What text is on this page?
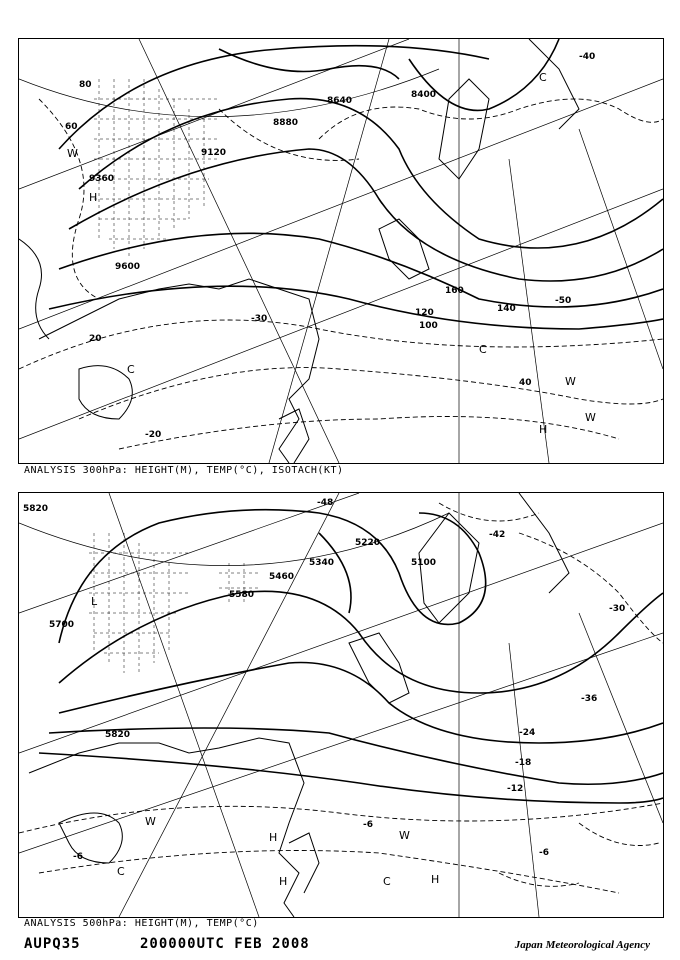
8400
8640
8880
9120
9360
9600
20
40
60
80
100
120	140
160
-20
-40
-50
-30
W
H
C
C
W
H
C
W
ANALYSIS 300hPa: HEIGHT(M), TEMP(°C), ISOTACH(KT)
5820
5700
5460
5340
5220
5100
5580
5820
-48
-42
-36
-30
-24
-18
-12
-6
-6	-6
L
H
W
C
H
W
C
H
ANALYSIS 500hPa: HEIGHT(M), TEMP(°C)
AUPQ35	200000UTC FEB 2008	Japan Meteorological Agency
